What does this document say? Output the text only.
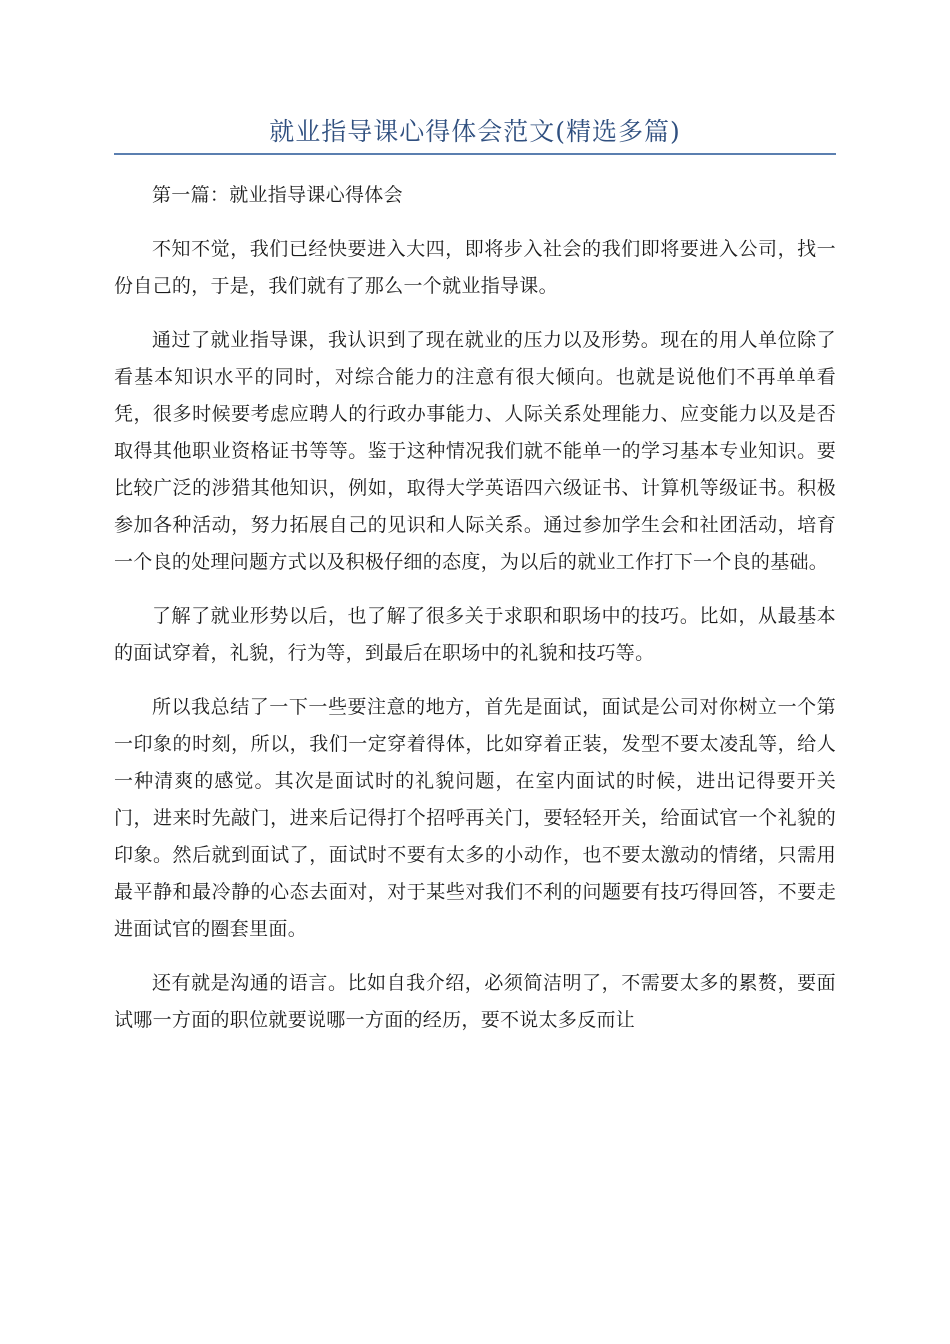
就业指导课心得体会范文(精选多篇)

第一篇：就业指导课心得体会

不知不觉，我们已经快要进入大四，即将步入社会的我们即将要进入公司，找一份自己的，于是，我们就有了那么一个就业指导课。

通过了就业指导课，我认识到了现在就业的压力以及形势。现在的用人单位除了看基本知识水平的同时，对综合能力的注意有很大倾向。也就是说他们不再单单看凭，很多时候要考虑应聘人的行政办事能力、人际关系处理能力、应变能力以及是否取得其他职业资格证书等等。鉴于这种情况我们就不能单一的学习基本专业知识。要比较广泛的涉猎其他知识，例如，取得大学英语四六级证书、计算机等级证书。积极参加各种活动，努力拓展自己的见识和人际关系。通过参加学生会和社团活动，培育一个良的处理问题方式以及积极仔细的态度，为以后的就业工作打下一个良的基础。

了解了就业形势以后，也了解了很多关于求职和职场中的技巧。比如，从最基本的面试穿着，礼貌，行为等，到最后在职场中的礼貌和技巧等。

所以我总结了一下一些要注意的地方，首先是面试，面试是公司对你树立一个第一印象的时刻，所以，我们一定穿着得体，比如穿着正装，发型不要太凌乱等，给人一种清爽的感觉。其次是面试时的礼貌问题，在室内面试的时候，进出记得要开关门，进来时先敲门，进来后记得打个招呼再关门，要轻轻开关，给面试官一个礼貌的印象。然后就到面试了，面试时不要有太多的小动作，也不要太激动的情绪，只需用最平静和最冷静的心态去面对，对于某些对我们不利的问题要有技巧得回答，不要走进面试官的圈套里面。

还有就是沟通的语言。比如自我介绍，必须简洁明了，不需要太多的累赘，要面试哪一方面的职位就要说哪一方面的经历，要不说太多反而让
